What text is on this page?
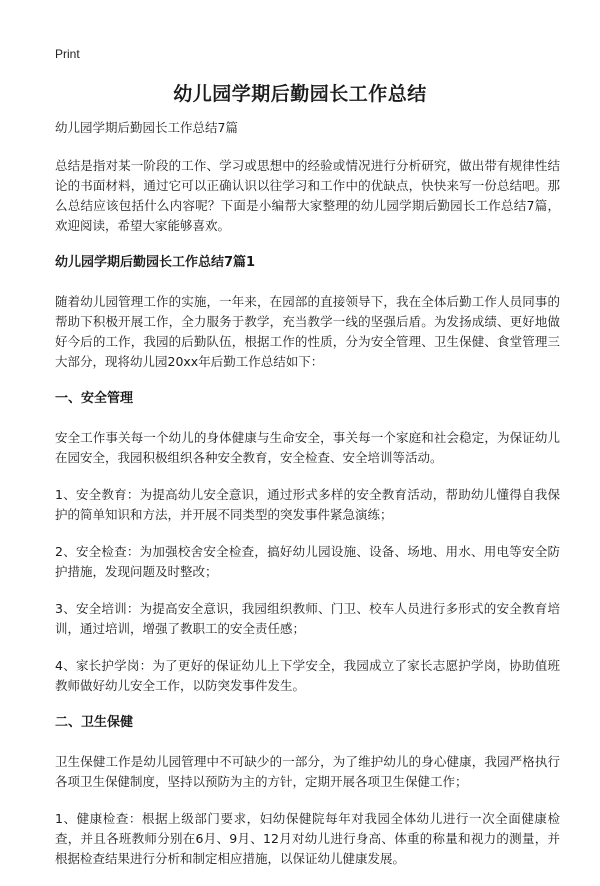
Print
幼儿园学期后勤园长工作总结

幼儿园学期后勤园长工作总结7篇

总结是指对某一阶段的工作、学习或思想中的经验或情况进行分析研究，做出带有规律性结论的书面材料，通过它可以正确认识以往学习和工作中的优缺点，快快来写一份总结吧。那么总结应该包括什么内容呢？下面是小编帮大家整理的幼儿园学期后勤园长工作总结7篇，欢迎阅读，希望大家能够喜欢。

幼儿园学期后勤园长工作总结7篇1

随着幼儿园管理工作的实施，一年来，在园部的直接领导下，我在全体后勤工作人员同事的帮助下积极开展工作，全力服务于教学，充当教学一线的坚强后盾。为发扬成绩、更好地做好今后的工作，我园的后勤队伍，根据工作的性质，分为安全管理、卫生保健、食堂管理三大部分，现将幼儿园20xx年后勤工作总结如下：

一、安全管理

安全工作事关每一个幼儿的身体健康与生命安全，事关每一个家庭和社会稳定，为保证幼儿在园安全，我园积极组织各种安全教育，安全检查、安全培训等活动。

1、安全教育：为提高幼儿安全意识，通过形式多样的安全教育活动，帮助幼儿懂得自我保护的简单知识和方法，并开展不同类型的突发事件紧急演练；

2、安全检查：为加强校舍安全检查，搞好幼儿园设施、设备、场地、用水、用电等安全防护措施，发现问题及时整改；

3、安全培训：为提高安全意识，我园组织教师、门卫、校车人员进行多形式的安全教育培训，通过培训，增强了教职工的安全责任感；

4、家长护学岗：为了更好的保证幼儿上下学安全，我园成立了家长志愿护学岗，协助值班教师做好幼儿安全工作，以防突发事件发生。

二、卫生保健

卫生保健工作是幼儿园管理中不可缺少的一部分，为了维护幼儿的身心健康，我园严格执行各项卫生保健制度，坚持以预防为主的方针，定期开展各项卫生保健工作；

1、健康检查：根据上级部门要求，妇幼保健院每年对我园全体幼儿进行一次全面健康检查，并且各班教师分别在6月、9月、12月对幼儿进行身高、体重的称量和视力的测量，并根据检查结果进行分析和制定相应措施，以保证幼儿健康发展。
